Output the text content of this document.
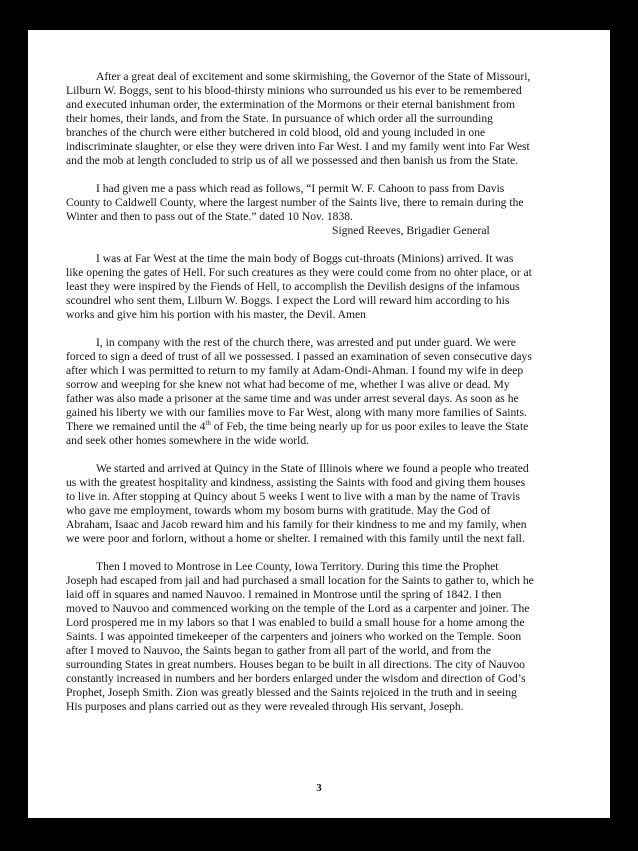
After a great deal of excitement and some skirmishing, the Governor of the State of Missouri,
Lilburn W. Boggs, sent to his blood-thirsty minions who surrounded us his ever to be remembered
and executed inhuman order, the extermination of the Mormons or their eternal banishment from
their homes, their lands, and from the State. In pursuance of which order all the surrounding
branches of the church were either butchered in cold blood, old and young included in one
indiscriminate slaughter, or else they were driven into Far West. I and my family went into Far West
and the mob at length concluded to strip us of all we possessed and then banish us from the State.
I had given me a pass which read as follows, “I permit W. F. Cahoon to pass from Davis
County to Caldwell County, where the largest number of the Saints live, there to remain during the
Winter and then to pass out of the State.” dated 10 Nov. 1838.
Signed Reeves, Brigadier General
I was at Far West at the time the main body of Boggs cut-throats (Minions) arrived. It was
like opening the gates of Hell. For such creatures as they were could come from no ohter place, or at
least they were inspired by the Fiends of Hell, to accomplish the Devilish designs of the infamous
scoundrel who sent them, Lilburn W. Boggs. I expect the Lord will reward him according to his
works and give him his portion with his master, the Devil. Amen
I, in company with the rest of the church there, was arrested and put under guard. We were
forced to sign a deed of trust of all we possessed. I passed an examination of seven consecutive days
after which I was permitted to return to my family at Adam-Ondi-Ahman. I found my wife in deep
sorrow and weeping for she knew not what had become of me, whether I was alive or dead. My
father was also made a prisoner at the same time and was under arrest several days. As soon as he
gained his liberty we with our families move to Far West, along with many more families of Saints.
There we remained until the 4th of Feb, the time being nearly up for us poor exiles to leave the State
and seek other homes somewhere in the wide world.
We started and arrived at Quincy in the State of Illinois where we found a people who treated
us with the greatest hospitality and kindness, assisting the Saints with food and giving them houses
to live in. After stopping at Quincy about 5 weeks I went to live with a man by the name of Travis
who gave me employment, towards whom my bosom burns with gratitude. May the God of
Abraham, Isaac and Jacob reward him and his family for their kindness to me and my family, when
we were poor and forlorn, without a home or shelter. I remained with this family until the next fall.
Then I moved to Montrose in Lee County, Iowa Territory. During this time the Prophet
Joseph had escaped from jail and had purchased a small location for the Saints to gather to, which he
laid off in squares and named Nauvoo. I remained in Montrose until the spring of 1842. I then
moved to Nauvoo and commenced working on the temple of the Lord as a carpenter and joiner. The
Lord prospered me in my labors so that I was enabled to build a small house for a home among the
Saints. I was appointed timekeeper of the carpenters and joiners who worked on the Temple. Soon
after I moved to Nauvoo, the Saints began to gather from all part of the world, and from the
surrounding States in great numbers. Houses began to be built in all directions. The city of Nauvoo
constantly increased in numbers and her borders enlarged under the wisdom and direction of God’s
Prophet, Joseph Smith. Zion was greatly blessed and the Saints rejoiced in the truth and in seeing
His purposes and plans carried out as they were revealed through His servant, Joseph.
3
